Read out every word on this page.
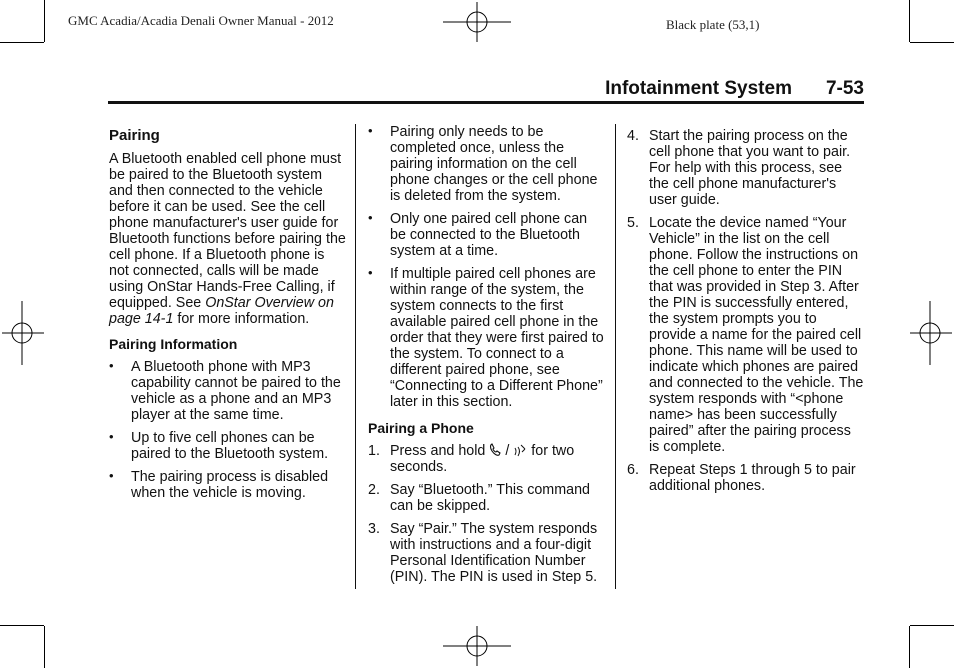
GMC Acadia/Acadia Denali Owner Manual - 2012	Black plate (53,1)
Infotainment System 7-53

Pairing

A Bluetooth enabled cell phone must be paired to the Bluetooth system and then connected to the vehicle before it can be used. See the cell phone manufacturer's user guide for Bluetooth functions before pairing the cell phone. If a Bluetooth phone is not connected, calls will be made using OnStar Hands-Free Calling, if equipped. See OnStar Overview on page 14-1 for more information.

Pairing Information

• A Bluetooth phone with MP3 capability cannot be paired to the vehicle as a phone and an MP3 player at the same time.

• Up to five cell phones can be paired to the Bluetooth system.

• The pairing process is disabled when the vehicle is moving.

• Pairing only needs to be completed once, unless the pairing information on the cell phone changes or the cell phone is deleted from the system.

• Only one paired cell phone can be connected to the Bluetooth system at a time.

• If multiple paired cell phones are within range of the system, the system connects to the first available paired cell phone in the order that they were first paired to the system. To connect to a different paired phone, see “Connecting to a Different Phone” later in this section.

Pairing a Phone

1. Press and hold / for two seconds.

2. Say “Bluetooth.” This command can be skipped.

3. Say “Pair.” The system responds with instructions and a four-digit Personal Identification Number (PIN). The PIN is used in Step 5.

4. Start the pairing process on the cell phone that you want to pair. For help with this process, see the cell phone manufacturer's user guide.

5. Locate the device named “Your Vehicle” in the list on the cell phone. Follow the instructions on the cell phone to enter the PIN that was provided in Step 3. After the PIN is successfully entered, the system prompts you to provide a name for the paired cell phone. This name will be used to indicate which phones are paired and connected to the vehicle. The system responds with “<phone name> has been successfully paired” after the pairing process is complete.

6. Repeat Steps 1 through 5 to pair additional phones.
